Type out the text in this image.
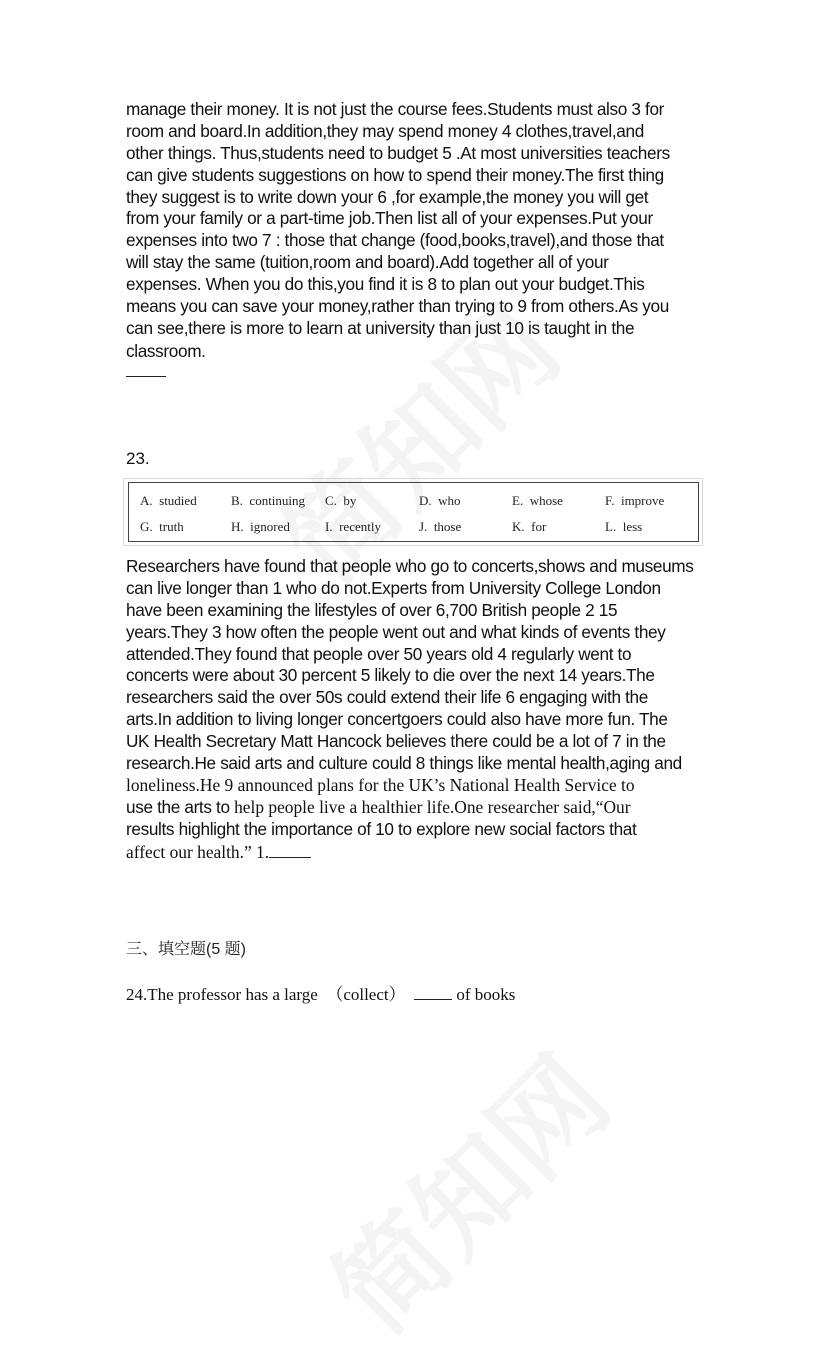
manage their money. It is not just the course fees.Students must also 3 for
room and board.In addition,they may spend money 4 clothes,travel,and
other things. Thus,students need to budget 5 .At most universities teachers
can give students suggestions on how to spend their money.The first thing
they suggest is to write down your 6 ,for example,the money you will get
from your family or a part-time job.Then list all of your expenses.Put your
expenses into two 7 : those that change (food,books,travel),and those that
will stay the same (tuition,room and board).Add together all of your
expenses. When you do this,you find it is 8 to plan out your budget.This
means you can save your money,rather than trying to 9 from others.As you
can see,there is more to learn at university than just 10 is taught in the
classroom.
23.
A. studied	B. continuing C. by	D. who	E. whose	F. improve
G. truth	H. ignored	I. recently	J. those	K. for	L. less
Researchers have found that people who go to concerts,shows and museums
can live longer than 1 who do not.Experts from University College London
have been examining the lifestyles of over 6,700 British people 2 15
years.They 3 how often the people went out and what kinds of events they
attended.They found that people over 50 years old 4 regularly went to
concerts were about 30 percent 5 likely to die over the next 14 years.The
researchers said the over 50s could extend their life 6 engaging with the
arts.In addition to living longer concertgoers could also have more fun. The
UK Health Secretary Matt Hancock believes there could be a lot of 7 in the
research.He said arts and culture could 8 things like mental health,aging and
loneliness.He 9 announced plans for the UK’s National Health Service to
use the arts to help people live a healthier life.One researcher said,“Our
results highlight the importance of 10 to explore new social factors that
affect our health.” 1.
三、填空题(5 题)
24.The professor has a large  （collect）   of books
